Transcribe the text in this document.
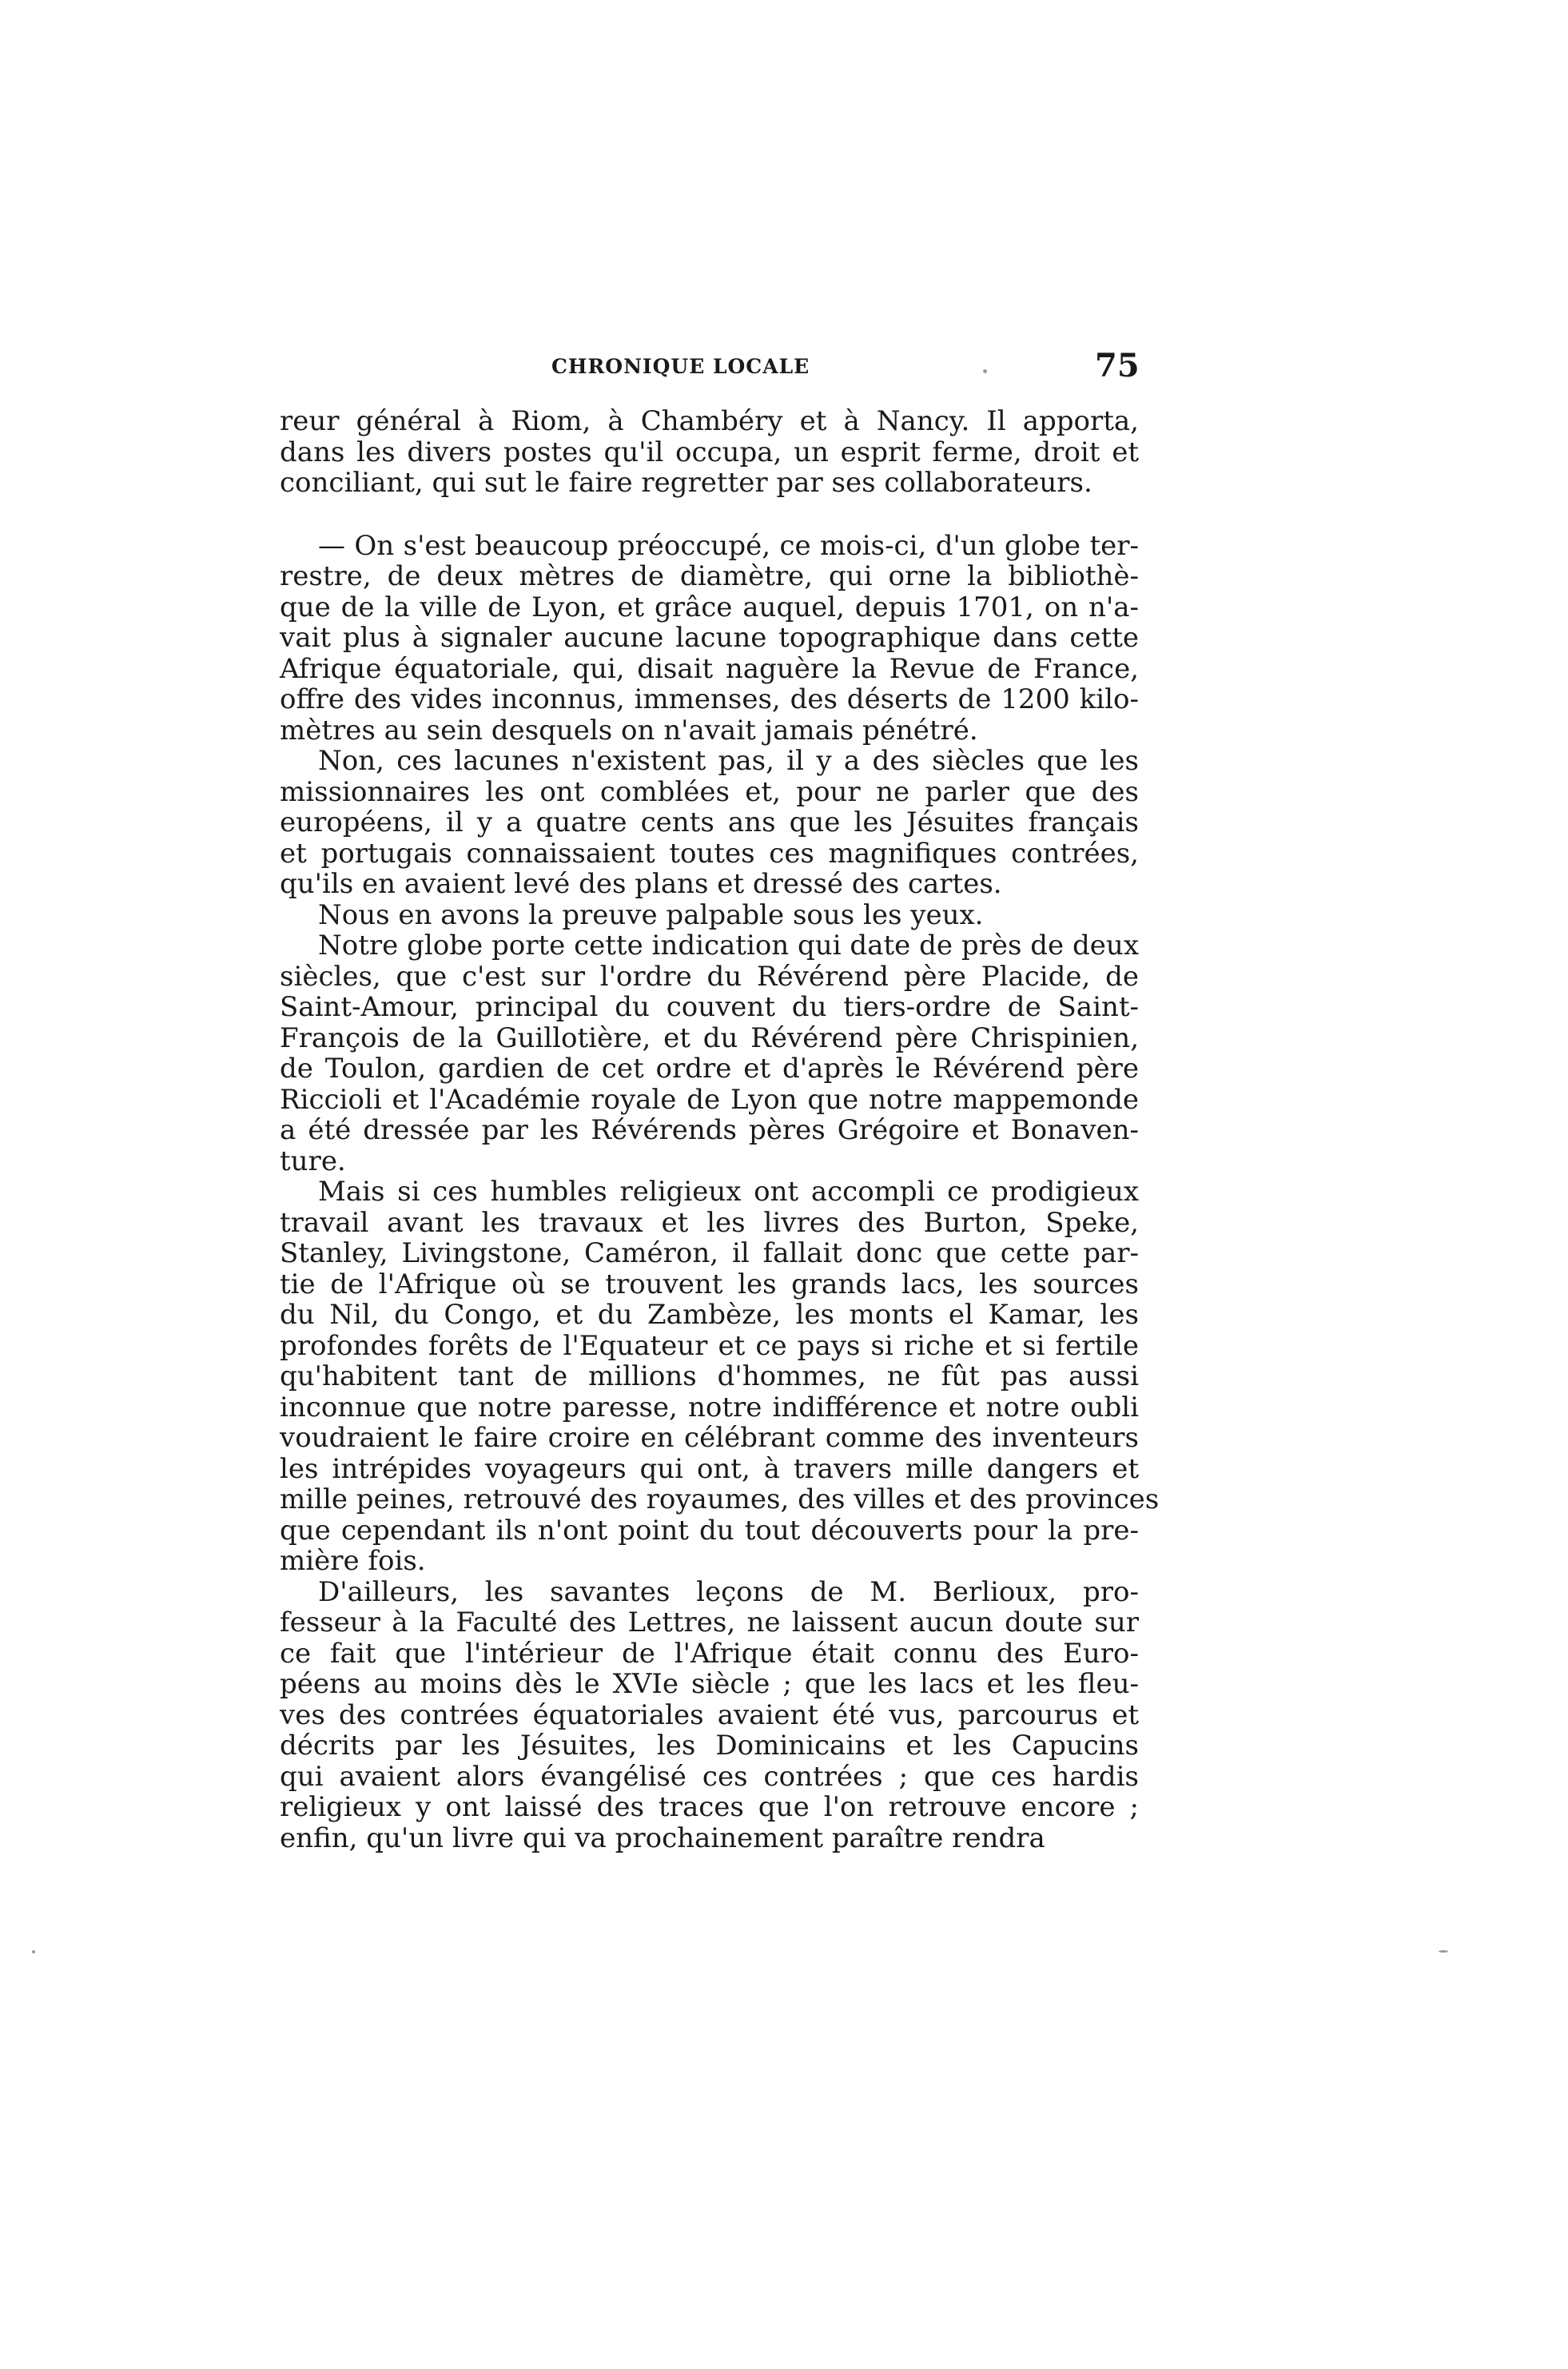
CHRONIQUE LOCALE	75
reur général à Riom, à Chambéry et à Nancy. Il apporta,
dans les divers postes qu'il occupa, un esprit ferme, droit et
conciliant, qui sut le faire regretter par ses collaborateurs.
— On s'est beaucoup préoccupé, ce mois-ci, d'un globe ter-
restre, de deux mètres de diamètre, qui orne la bibliothè-
que de la ville de Lyon, et grâce auquel, depuis 1701, on n'a-
vait plus à signaler aucune lacune topographique dans cette
Afrique équatoriale, qui, disait naguère la Revue de France,
offre des vides inconnus, immenses, des déserts de 1200 kilo-
mètres au sein desquels on n'avait jamais pénétré.
Non, ces lacunes n'existent pas, il y a des siècles que les
missionnaires les ont comblées et, pour ne parler que des
européens, il y a quatre cents ans que les Jésuites français
et portugais connaissaient toutes ces magnifiques contrées,
qu'ils en avaient levé des plans et dressé des cartes.
Nous en avons la preuve palpable sous les yeux.
Notre globe porte cette indication qui date de près de deux
siècles, que c'est sur l'ordre du Révérend père Placide, de
Saint-Amour, principal du couvent du tiers-ordre de Saint-
François de la Guillotière, et du Révérend père Chrispinien,
de Toulon, gardien de cet ordre et d'après le Révérend père
Riccioli et l'Académie royale de Lyon que notre mappemonde
a été dressée par les Révérends pères Grégoire et Bonaven-
ture.
Mais si ces humbles religieux ont accompli ce prodigieux
travail avant les travaux et les livres des Burton, Speke,
Stanley, Livingstone, Caméron, il fallait donc que cette par-
tie de l'Afrique où se trouvent les grands lacs, les sources
du Nil, du Congo, et du Zambèze, les monts el Kamar, les
profondes forêts de l'Equateur et ce pays si riche et si fertile
qu'habitent tant de millions d'hommes, ne fût pas aussi
inconnue que notre paresse, notre indifférence et notre oubli
voudraient le faire croire en célébrant comme des inventeurs
les intrépides voyageurs qui ont, à travers mille dangers et
mille peines, retrouvé des royaumes, des villes et des provinces
que cependant ils n'ont point du tout découverts pour la pre-
mière fois.
D'ailleurs, les savantes leçons de M. Berlioux, pro-
fesseur à la Faculté des Lettres, ne laissent aucun doute sur
ce fait que l'intérieur de l'Afrique était connu des Euro-
péens au moins dès le XVIe siècle ; que les lacs et les fleu-
ves des contrées équatoriales avaient été vus, parcourus et
décrits par les Jésuites, les Dominicains et les Capucins
qui avaient alors évangélisé ces contrées ; que ces hardis
religieux y ont laissé des traces que l'on retrouve encore ;
enfin, qu'un livre qui va prochainement paraître rendra
